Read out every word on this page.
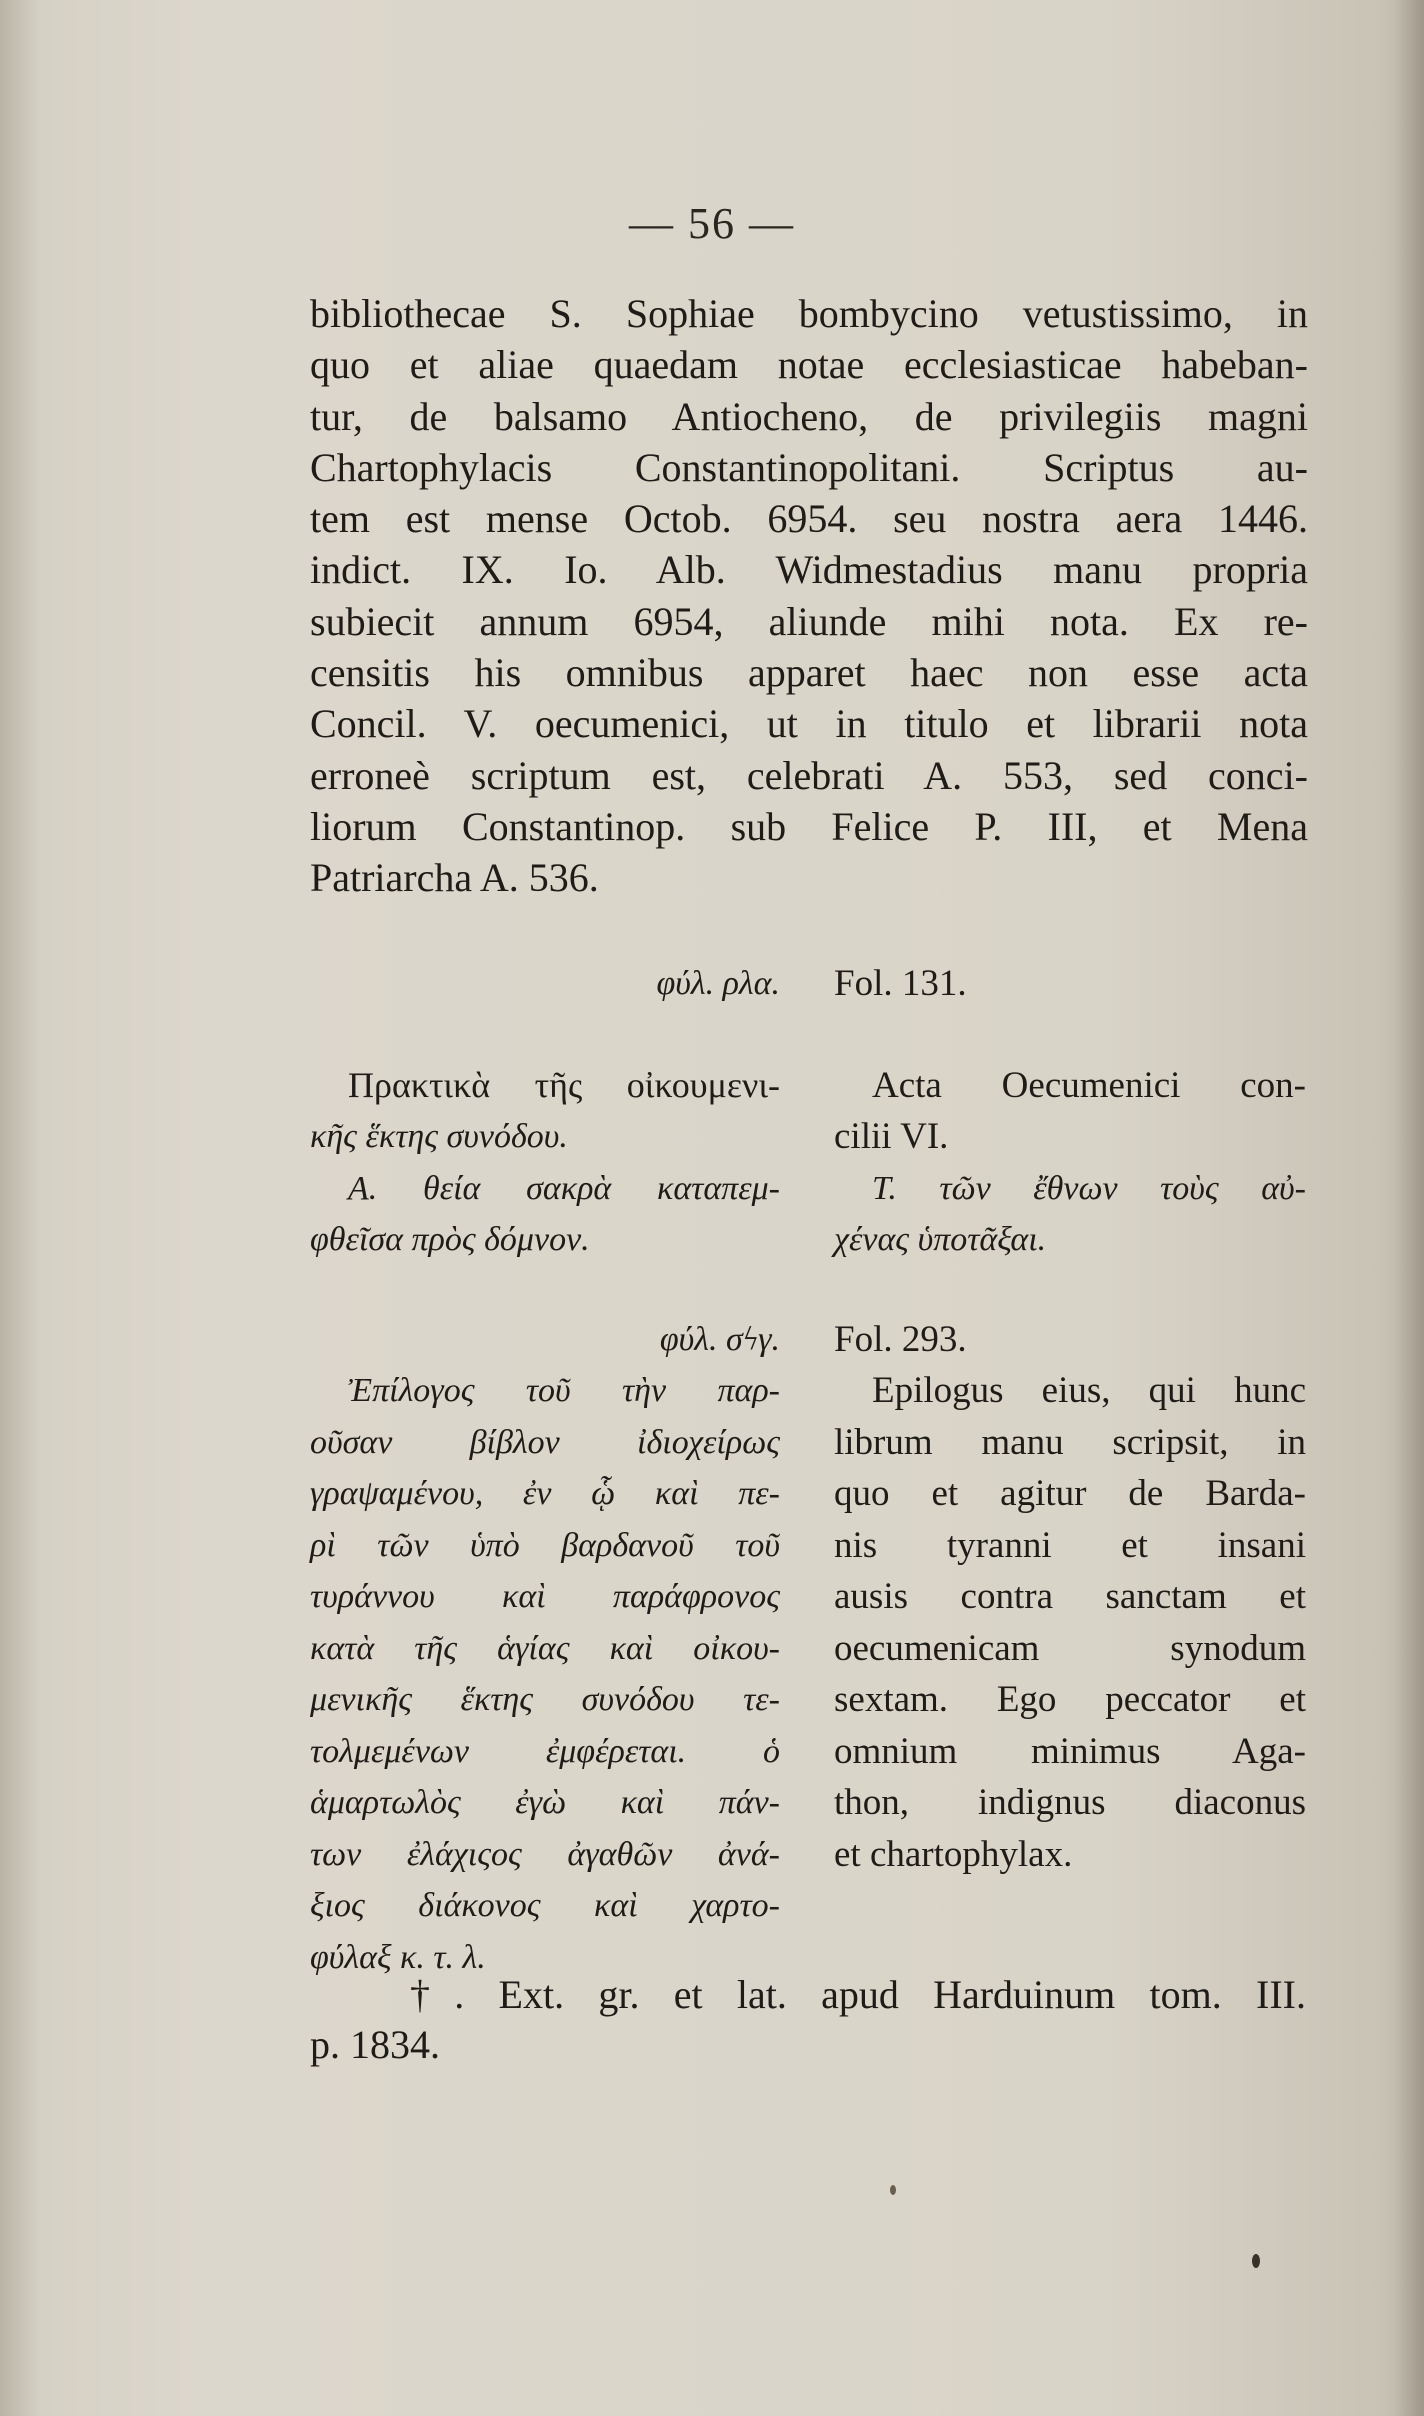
— 56 —
bibliothecae S. Sophiae bombycino vetustissimo, in
quo et aliae quaedam notae ecclesiasticae habeban-
tur, de balsamo Antiocheno, de privilegiis magni
Chartophylacis Constantinopolitani. Scriptus au-
tem est mense Octob. 6954. seu nostra aera 1446.
indict. IX. Io. Alb. Widmestadius manu propria
subiecit annum 6954, aliunde mihi nota. Ex re-
censitis his omnibus apparet haec non esse acta
Concil. V. oecumenici, ut in titulo et librarii nota
erroneè scriptum est, celebrati A. 553, sed conci-
liorum Constantinop. sub Felice P. III, et Mena
Patriarcha A. 536.
φύλ. ρλα.
Πρακτικὰ τῆς οἰκουμενι-
κῆς ἕκτης συνόδου.
Α. θεία σακρὰ καταπεμ-
φθεῖσα πρὸς δόμνον.
φύλ. σϟγ.
Ἐπίλογος τοῦ τὴν παρ-
οῦσαν βίβλον ἰδιοχείρως
γραψαμένου, ἐν ᾧ καὶ πε-
ρὶ τῶν ὑπὸ βαρδανοῦ τοῦ
τυράννου καὶ παράφρονος
κατὰ τῆς ἁγίας καὶ οἰκου-
μενικῆς ἕκτης συνόδου τε-
τολμεμένων ἐμφέρεται. ὁ
ἁμαρτωλὸς ἐγὼ καὶ πάν-
των ἐλάχιςος ἀγαθῶν ἀνά-
ξιος διάκονος καὶ χαρτο-
φύλαξ κ. τ. λ.
Fol. 131.
Acta Oecumenici con-
cilii VI.
T. τῶν ἔθνων τοὺς αὐ-
χένας ὑποτᾶξαι.
Fol. 293.
Epilogus eius, qui hunc
librum manu scripsit, in
quo et agitur de Barda-
nis tyranni et insani
ausis contra sanctam et
oecumenicam synodum
sextam. Ego peccator et
omnium minimus Aga-
thon, indignus diaconus
et chartophylax.
†. Ext. gr. et lat. apud Harduinum tom. III.
p. 1834.
